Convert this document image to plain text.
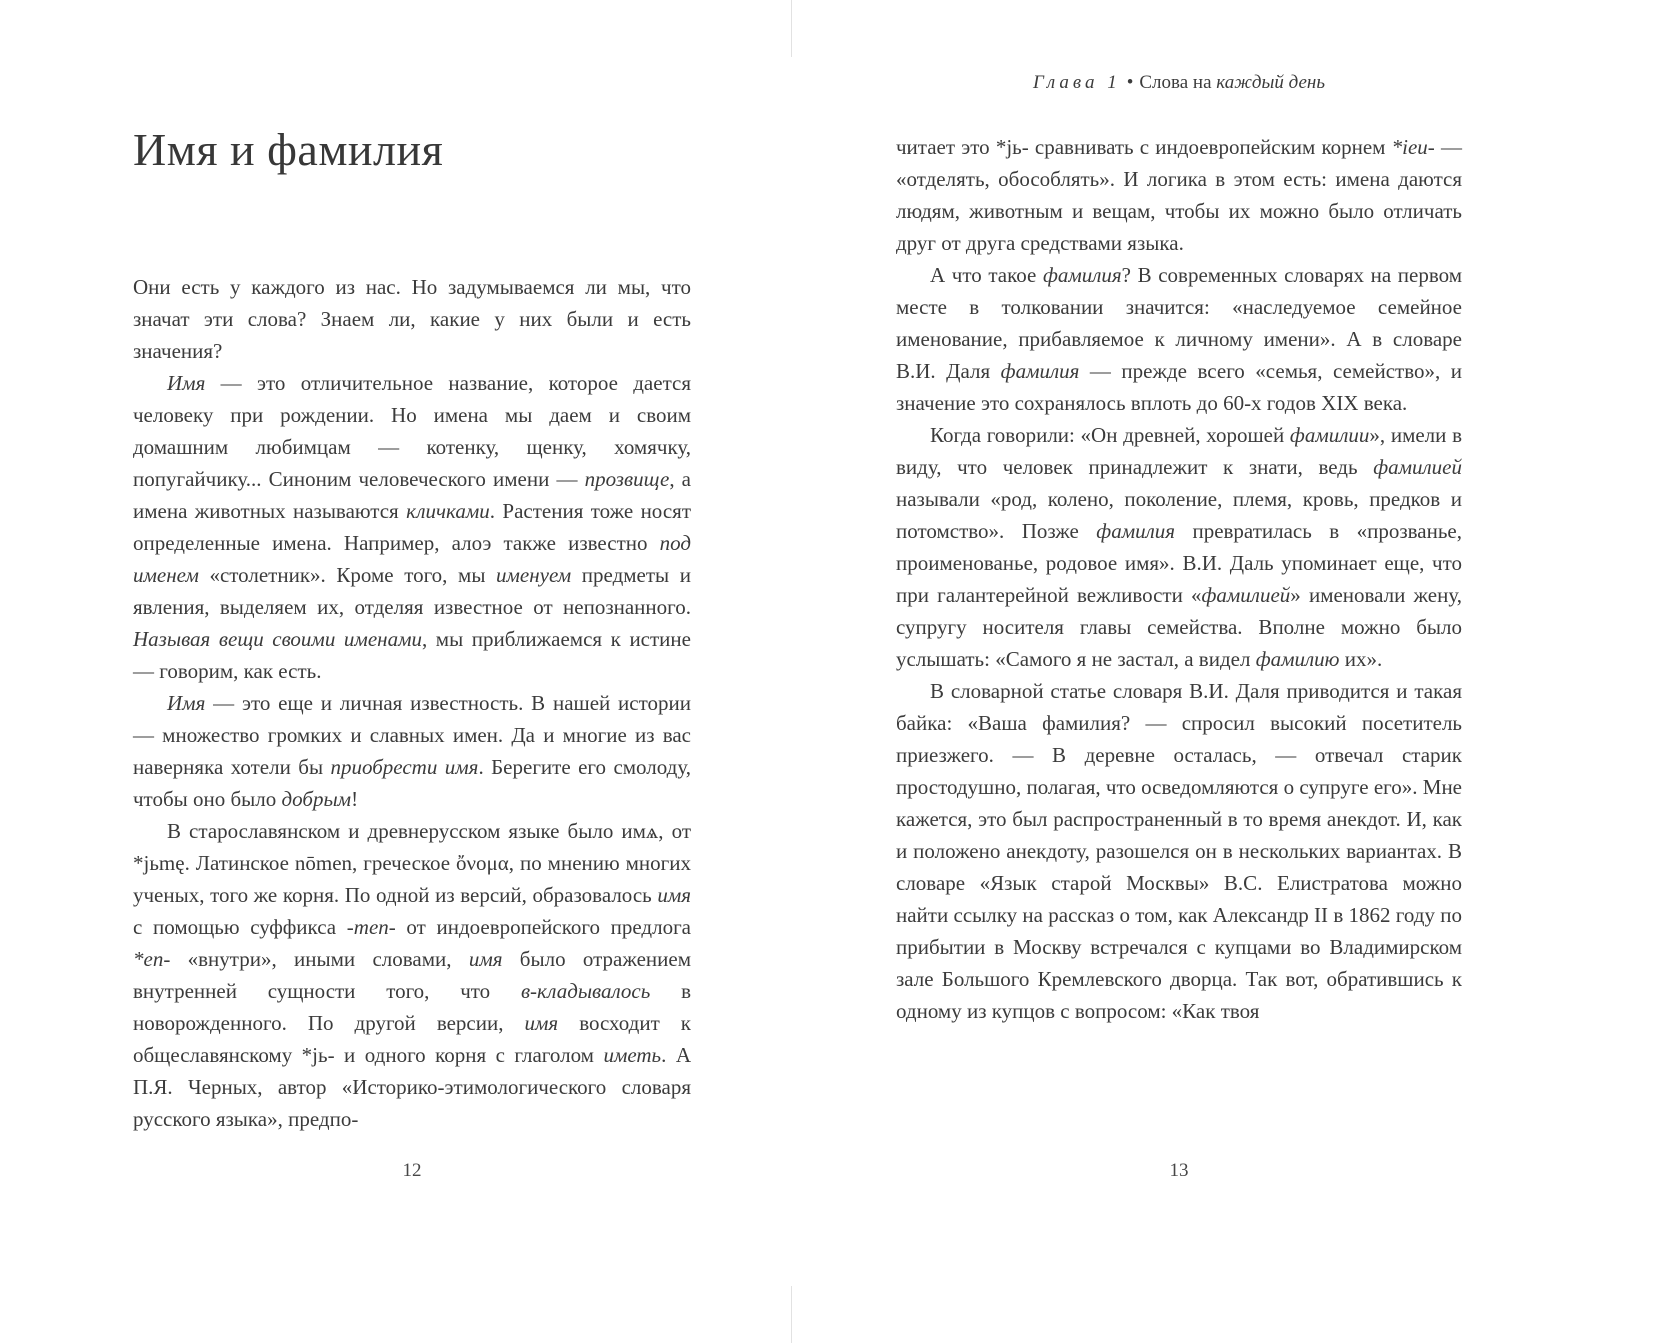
Имя и фамилия

Они есть у каждого из нас. Но задумываемся ли мы, что значат эти слова? Знаем ли, какие у них были и есть значения?

Имя — это отличительное название, которое дается человеку при рождении. Но имена мы даем и своим домашним любимцам — котенку, щенку, хомячку, попугайчику... Синоним человеческого имени — прозвище, а имена животных называются кличками. Растения тоже носят определенные имена. Например, алоэ также известно под именем «столетник». Кроме того, мы именуем предметы и явления, выделяем их, отделяя известное от непознанного. Называя вещи своими именами, мы приближаемся к истине — говорим, как есть.

Имя — это еще и личная известность. В нашей истории — множество громких и славных имен. Да и многие из вас наверняка хотели бы приобрести имя. Берегите его смолоду, чтобы оно было добрым!

В старославянском и древнерусском языке было имѧ, от *jьmę. Латинское nōmen, греческое ὄνομα, по мнению многих ученых, того же корня. По одной из версий, образовалось имя с помощью суффикса -men- от индоевропейского предлога *en- «внутри», иными словами, имя было отражением внутренней сущности того, что в-кладывалось в новорожденного. По другой версии, имя восходит к общеславянскому *jь- и одного корня с глаголом иметь. А П.Я. Черных, автор «Историко-этимологического словаря русского языка», предпо-

12
Глава 1 • Слова на каждый день

читает это *jь- сравнивать с индоевропейским корнем *ieu- — «отделять, обособлять». И логика в этом есть: имена даются людям, животным и вещам, чтобы их можно было отличать друг от друга средствами языка.

А что такое фамилия? В современных словарях на первом месте в толковании значится: «наследуемое семейное именование, прибавляемое к личному имени». А в словаре В.И. Даля фамилия — прежде всего «семья, семейство», и значение это сохранялось вплоть до 60-х годов XIX века.

Когда говорили: «Он древней, хорошей фамилии», имели в виду, что человек принадлежит к знати, ведь фамилией называли «род, колено, поколение, племя, кровь, предков и потомство». Позже фамилия превратилась в «прозванье, проименованье, родовое имя». В.И. Даль упоминает еще, что при галантерейной вежливости «фамилией» именовали жену, супругу носителя главы семейства. Вполне можно было услышать: «Самого я не застал, а видел фамилию их».

В словарной статье словаря В.И. Даля приводится и такая байка: «Ваша фамилия? — спросил высокий посетитель приезжего. — В деревне осталась, — отвечал старик простодушно, полагая, что осведомляются о супруге его». Мне кажется, это был распространенный в то время анекдот. И, как и положено анекдоту, разошелся он в нескольких вариантах. В словаре «Язык старой Москвы» В.С. Елистратова можно найти ссылку на рассказ о том, как Александр II в 1862 году по прибытии в Москву встречался с купцами во Владимирском зале Большого Кремлевского дворца. Так вот, обратившись к одному из купцов с вопросом: «Как твоя

13
